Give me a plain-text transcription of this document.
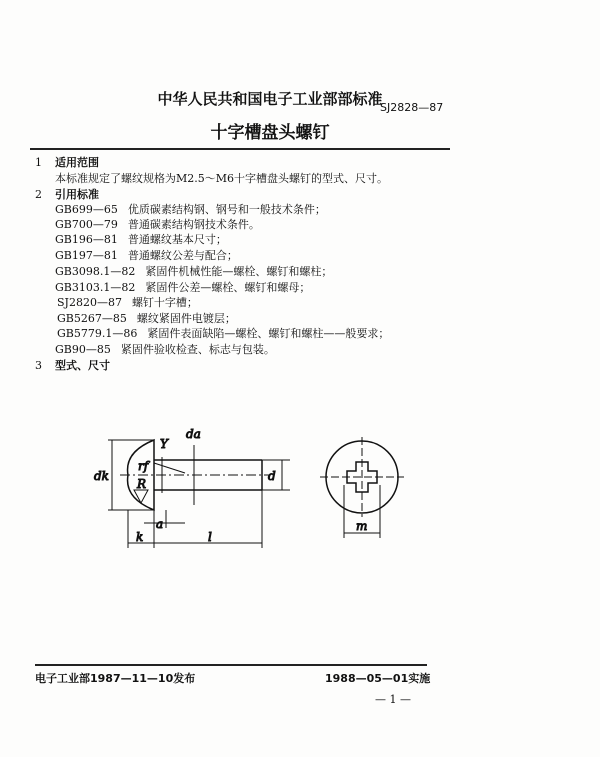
中华人民共和国电子工业部部标准
SJ2828—87
十字槽盘头螺钉
1 适用范围
本标准规定了螺纹规格为M2.5～M6十字槽盘头螺钉的型式、尺寸。
2 引用标准
GB699—65 优质碳素结构钢、钢号和一般技术条件；
GB700—79 普通碳素结构钢技术条件。
GB196—81 普通螺纹基本尺寸；
GB197—81 普通螺纹公差与配合；
GB3098.1—82 紧固件机械性能—螺栓、螺钉和螺柱；
GB3103.1—82 紧固件公差—螺栓、螺钉和螺母；
SJ2820—87 螺钉十字槽；
GB5267—85 螺纹紧固件电镀层；
GB5779.1—86 紧固件表面缺陷—螺栓、螺钉和螺柱——般要求；
GB90—85 紧固件验收检查、标志与包装。
3 型式、尺寸
dk
rf
R
Y
da
d
a
k	l
m
电子工业部1987—11—10发布	1988—05—01实施
— 1 —
